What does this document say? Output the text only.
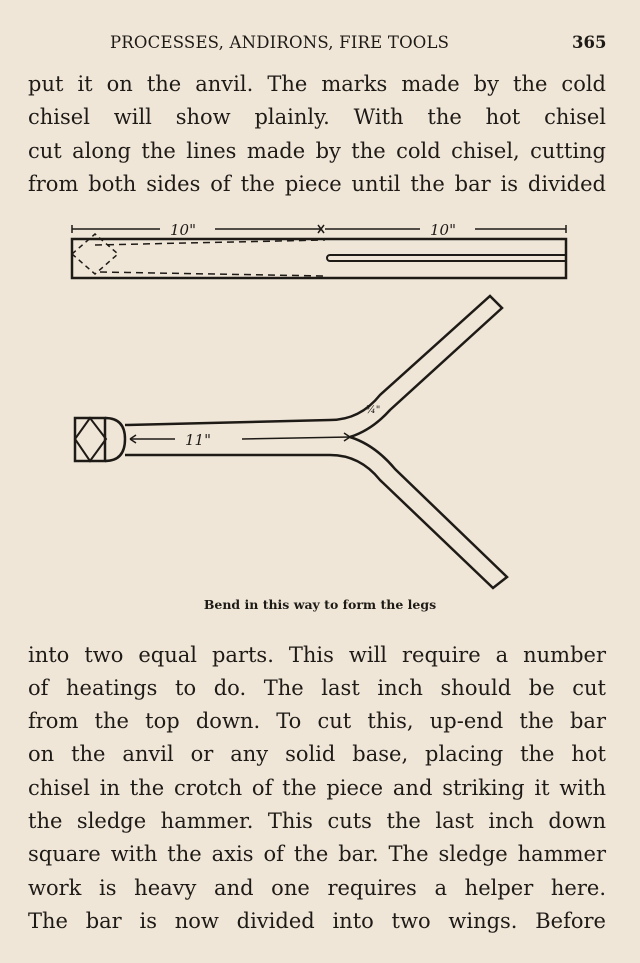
PROCESSES, ANDIRONS, FIRE TOOLS	365
put it on the anvil. The marks made by the cold
chisel will show plainly. With the hot chisel
cut along the lines made by the cold chisel, cutting
from both sides of the piece until the bar is divided
10"	10"
11"
¾"
Bend in this way to form the legs
into two equal parts. This will require a number
of heatings to do. The last inch should be cut
from the top down. To cut this, up-end the bar
on the anvil or any solid base, placing the hot
chisel in the crotch of the piece and striking it with
the sledge hammer. This cuts the last inch down
square with the axis of the bar. The sledge hammer
work is heavy and one requires a helper here.
The bar is now divided into two wings. Before
